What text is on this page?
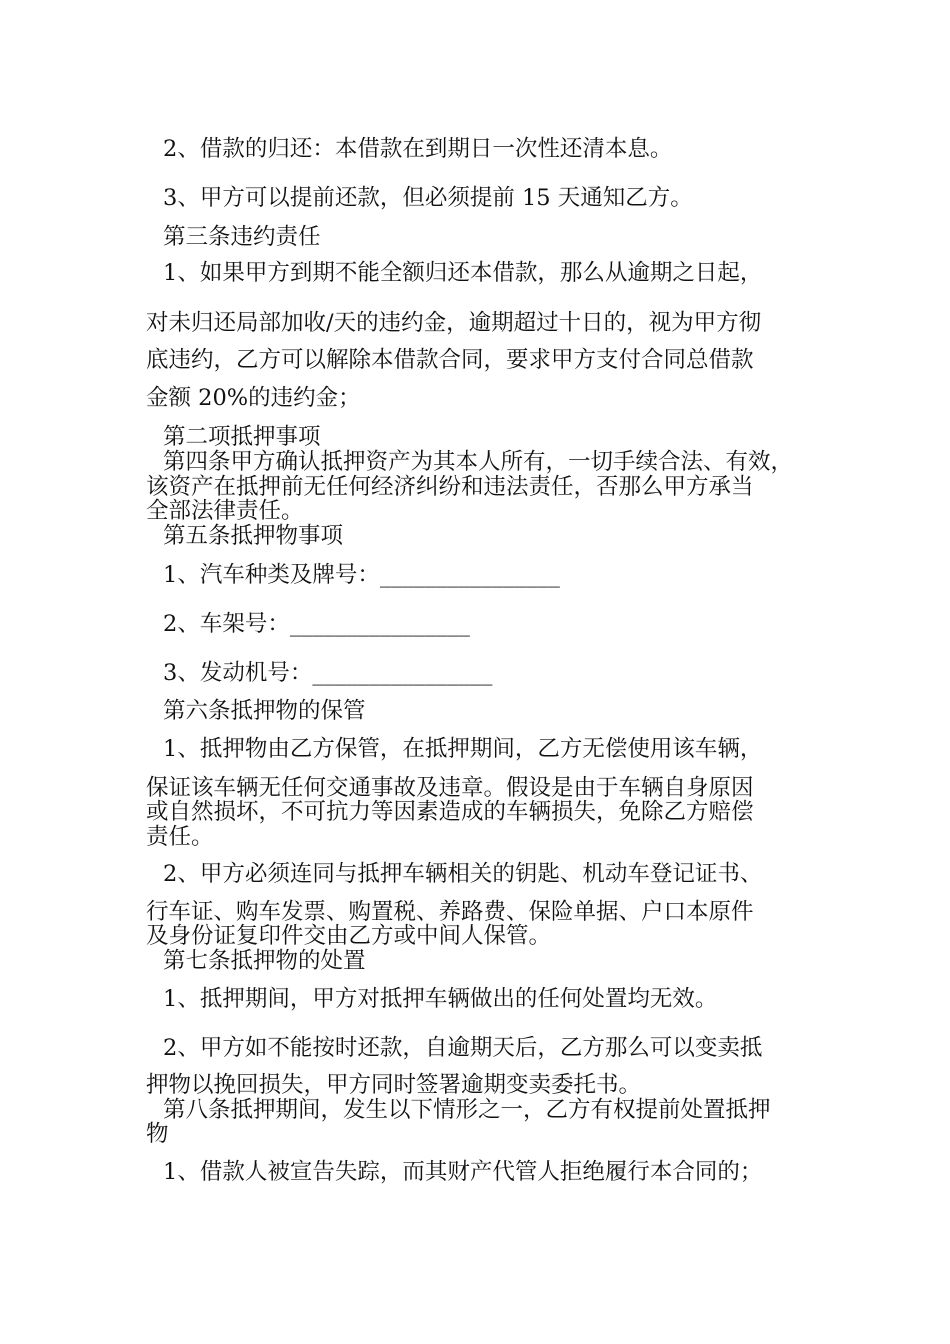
2、借款的归还：本借款在到期日一次性还清本息。

3、甲方可以提前还款，但必须提前 15 天通知乙方。

第三条违约责任

1、如果甲方到期不能全额归还本借款，那么从逾期之日起，

对未归还局部加收/天的违约金，逾期超过十日的，视为甲方彻

底违约，乙方可以解除本借款合同，要求甲方支付合同总借款

金额 20%的违约金；

第二项抵押事项

第四条甲方确认抵押资产为其本人所有，一切手续合法、有效，

该资产在抵押前无任何经济纠纷和违法责任，否那么甲方承当

全部法律责任。

第五条抵押物事项

1、汽车种类及牌号：________________

2、车架号：________________

3、发动机号：________________

第六条抵押物的保管

1、抵押物由乙方保管，在抵押期间，乙方无偿使用该车辆，

保证该车辆无任何交通事故及违章。假设是由于车辆自身原因

或自然损坏，不可抗力等因素造成的车辆损失，免除乙方赔偿

责任。

2、甲方必须连同与抵押车辆相关的钥匙、机动车登记证书、

行车证、购车发票、购置税、养路费、保险单据、户口本原件

及身份证复印件交由乙方或中间人保管。

第七条抵押物的处置

1、抵押期间，甲方对抵押车辆做出的任何处置均无效。

2、甲方如不能按时还款，自逾期天后，乙方那么可以变卖抵

押物以挽回损失，甲方同时签署逾期变卖委托书。

第八条抵押期间，发生以下情形之一，乙方有权提前处置抵押

物

1、借款人被宣告失踪，而其财产代管人拒绝履行本合同的；
